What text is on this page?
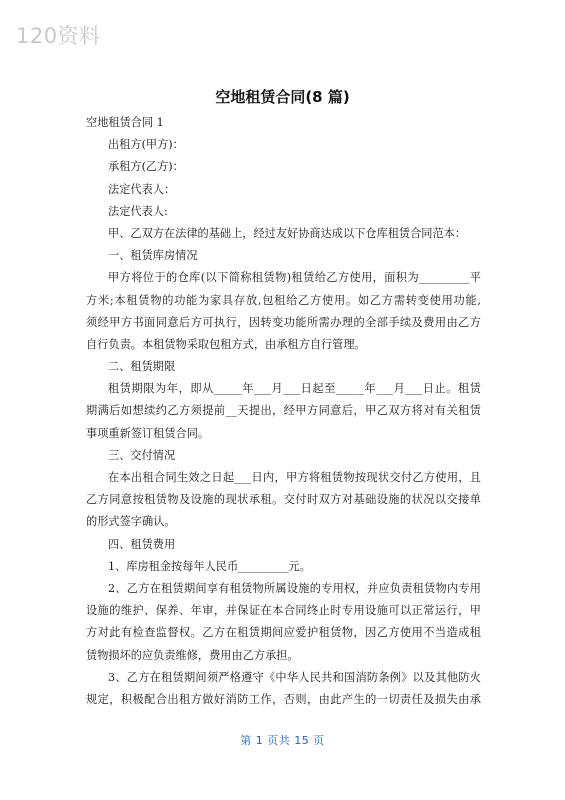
120资料
空地租赁合同(8 篇)
空地租赁合同 1
出租方(甲方)：
承租方(乙方)：
法定代表人：
法定代表人:
甲、乙双方在法律的基础上，经过友好协商达成以下仓库租赁合同范本：
一、租赁库房情况
甲方将位于的仓库(以下简称租赁物)租赁给乙方使用，面积为_________平
方米;本租赁物的功能为家具存放,包租给乙方使用。如乙方需转变使用功能,
须经甲方书面同意后方可执行，因转变功能所需办理的全部手续及费用由乙方
自行负责。本租赁物采取包租方式，由承租方自行管理。
二、租赁期限
租赁期限为年，即从_____年___月___日起至_____年___月___日止。租赁
期满后如想续约乙方须提前__天提出，经甲方同意后，甲乙双方将对有关租赁
事项重新签订租赁合同。
三、交付情况
在本出租合同生效之日起___日内，甲方将租赁物按现状交付乙方使用，且
乙方同意按租赁物及设施的现状承租。交付时双方对基础设施的状况以交接单
的形式签字确认。
四、租赁费用
1、库房租金按每年人民币_________元。
2、乙方在租赁期间享有租赁物所属设施的专用权，并应负责租赁物内专用
设施的维护、保养、年审，并保证在本合同终止时专用设施可以正常运行，甲
方对此有检查监督权。乙方在租赁期间应爱护租赁物，因乙方使用不当造成租
赁物损坏的应负责维修，费用由乙方承担。
3、乙方在租赁期间须严格遵守《中华人民共和国消防条例》以及其他防火
规定，积极配合出租方做好消防工作，否则，由此产生的一切责任及损失由承
第 1 页共 15 页
